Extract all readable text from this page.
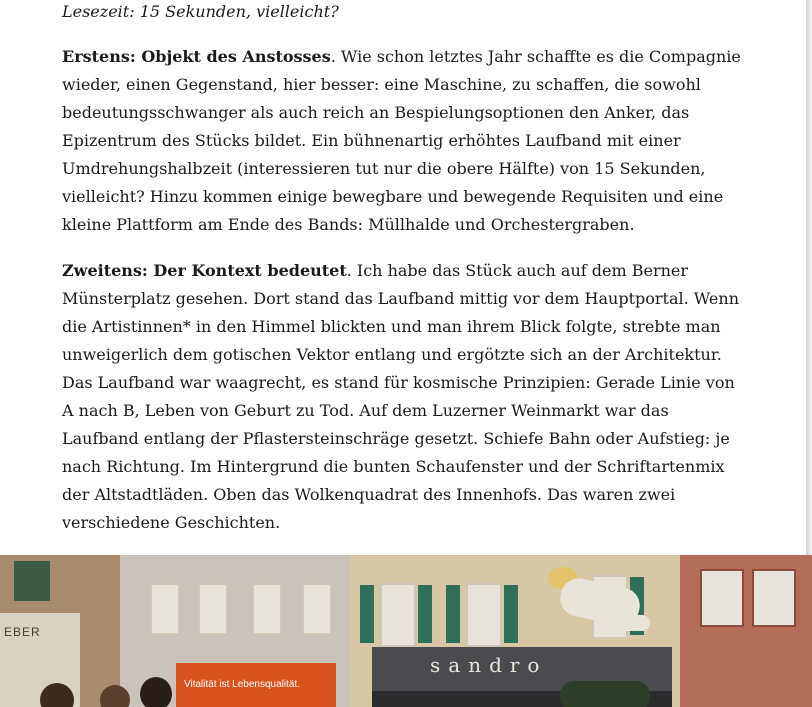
Lesezeit: 15 Sekunden, vielleicht?

Erstens: Objekt des Anstosses. Wie schon letztes Jahr schaffte es die Compagnie wieder, einen Gegenstand, hier besser: eine Maschine, zu schaffen, die sowohl bedeutungsschwanger als auch reich an Bespielungsoptionen den Anker, das Epizentrum des Stücks bildet. Ein bühnenartig erhöhtes Laufband mit einer Umdrehungshalbzeit (interessieren tut nur die obere Hälfte) von 15 Sekunden, vielleicht? Hinzu kommen einige bewegbare und bewegende Requisiten und eine kleine Plattform am Ende des Bands: Müllhalde und Orchestergraben.

Zweitens: Der Kontext bedeutet. Ich habe das Stück auch auf dem Berner Münsterplatz gesehen. Dort stand das Laufband mittig vor dem Hauptportal. Wenn die Artistinnen* in den Himmel blickten und man ihrem Blick folgte, strebte man unweigerlich dem gotischen Vektor entlang und ergötzte sich an der Architektur. Das Laufband war waagrecht, es stand für kosmische Prinzipien: Gerade Linie von A nach B, Leben von Geburt zu Tod. Auf dem Luzerner Weinmarkt war das Laufband entlang der Pflastersteinschräge gesetzt. Schiefe Bahn oder Aufstieg: je nach Richtung. Im Hintergrund die bunten Schaufenster und der Schriftartenmix der Altstadtläden. Oben das Wolkenquadrat des Innenhofs. Das waren zwei verschiedene Geschichten.

EBER
Vitalität ist Lebensqualität.
sandro
